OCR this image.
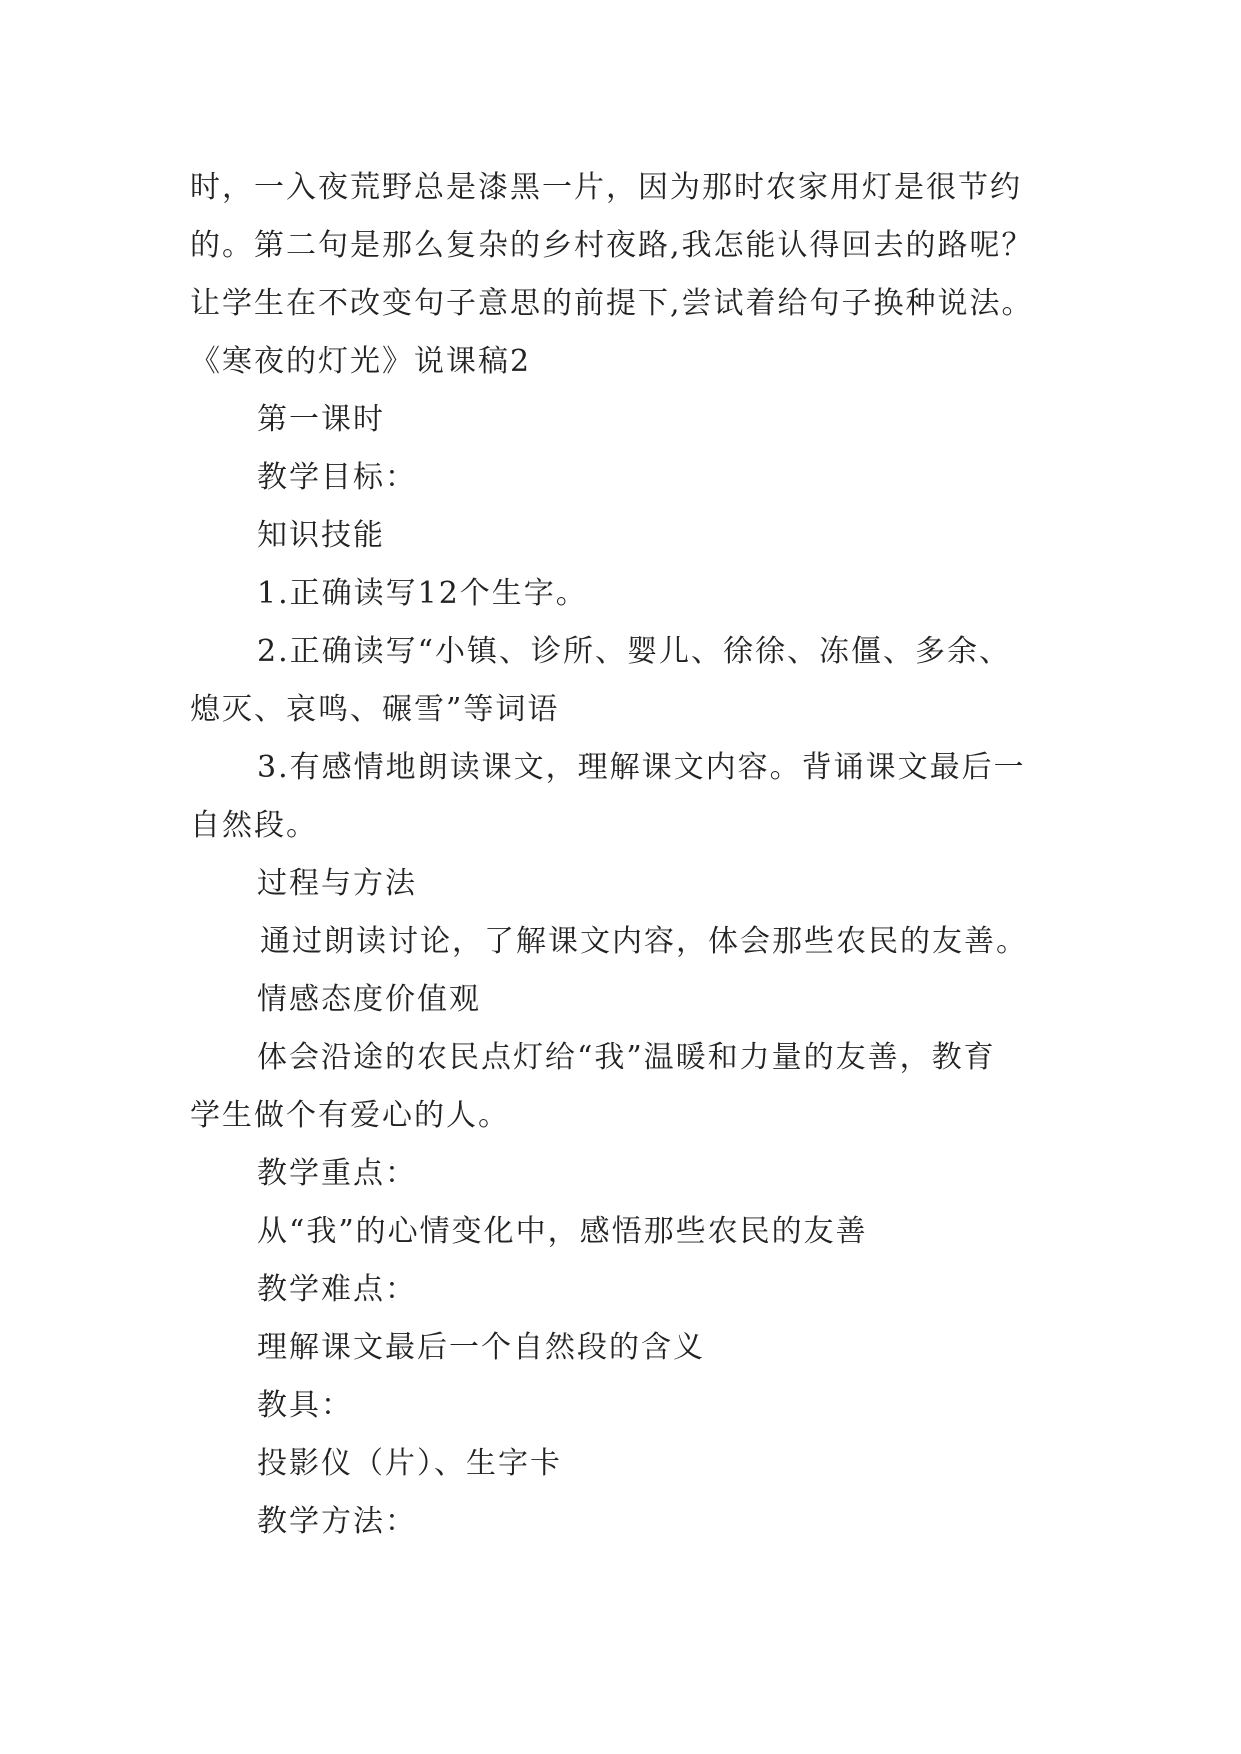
时，一入夜荒野总是漆黑一片，因为那时农家用灯是很节约

的。第二句是那么复杂的乡村夜路,我怎能认得回去的路呢？

让学生在不改变句子意思的前提下,尝试着给句子换种说法。

《寒夜的灯光》说课稿2

第一课时

教学目标：

知识技能

1.正确读写12个生字。

2.正确读写“小镇、诊所、婴儿、徐徐、冻僵、多余、

熄灭、哀鸣、碾雪”等词语

3.有感情地朗读课文，理解课文内容。背诵课文最后一

自然段。

过程与方法

通过朗读讨论，了解课文内容，体会那些农民的友善。

情感态度价值观

体会沿途的农民点灯给“我”温暖和力量的友善，教育

学生做个有爱心的人。

教学重点：

从“我”的心情变化中，感悟那些农民的友善

教学难点：

理解课文最后一个自然段的含义

教具：

投影仪（片）、生字卡

教学方法：
